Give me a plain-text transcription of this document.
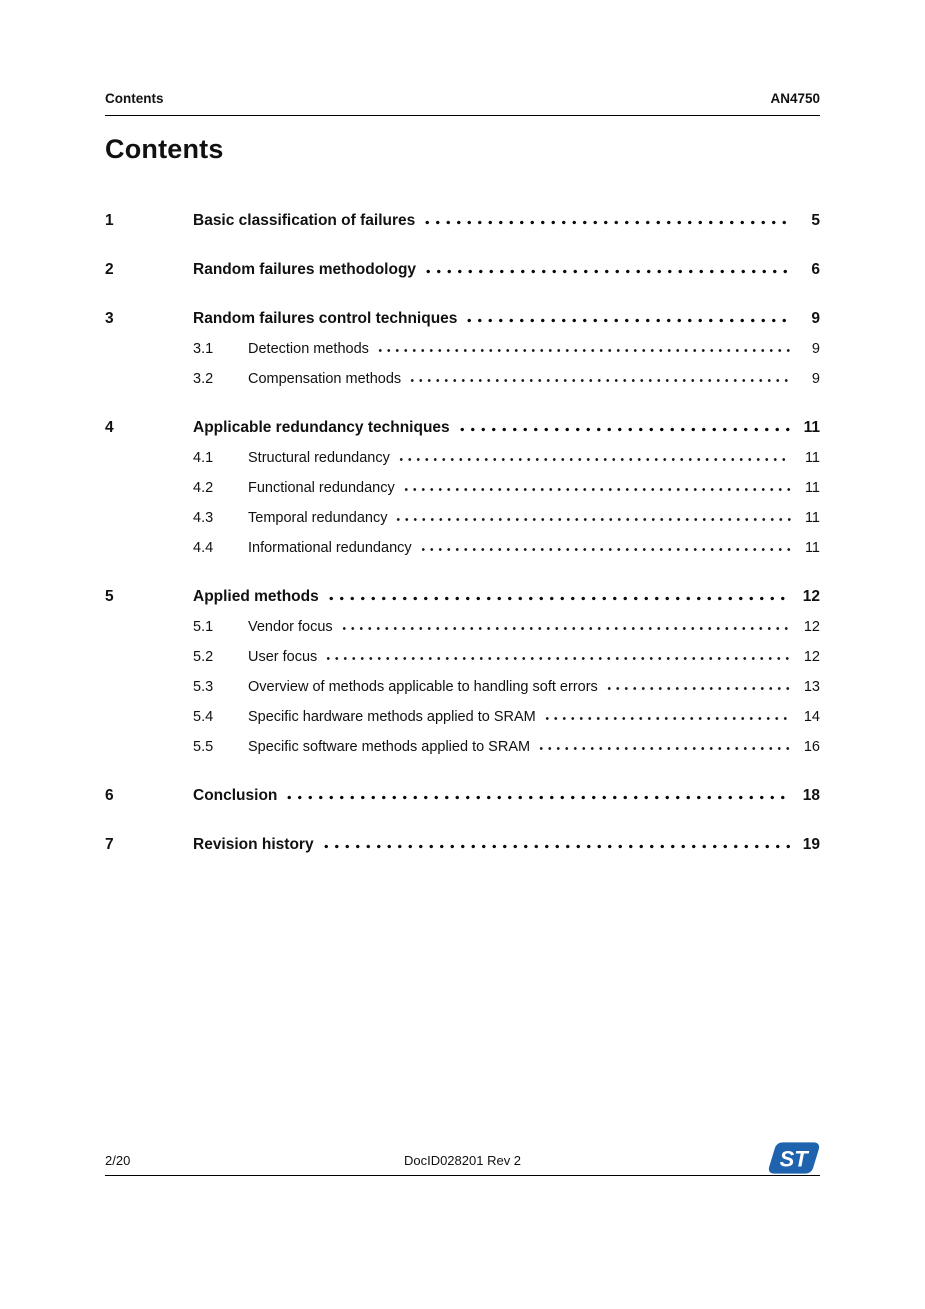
Contents	AN4750
Contents
1	Basic classification of failures	5
2	Random failures methodology	6
3	Random failures control techniques	9
3.1	Detection methods	9
3.2	Compensation methods	9
4	Applicable redundancy techniques	11
4.1	Structural redundancy	11
4.2	Functional redundancy	11
4.3	Temporal redundancy	11
4.4	Informational redundancy	11
5	Applied methods	12
5.1	Vendor focus	12
5.2	User focus	12
5.3	Overview of methods applicable to handling soft errors	13
5.4	Specific hardware methods applied to SRAM	14
5.5	Specific software methods applied to SRAM	16
6	Conclusion	18
7	Revision history	19
2/20	DocID028201 Rev 2	ST
